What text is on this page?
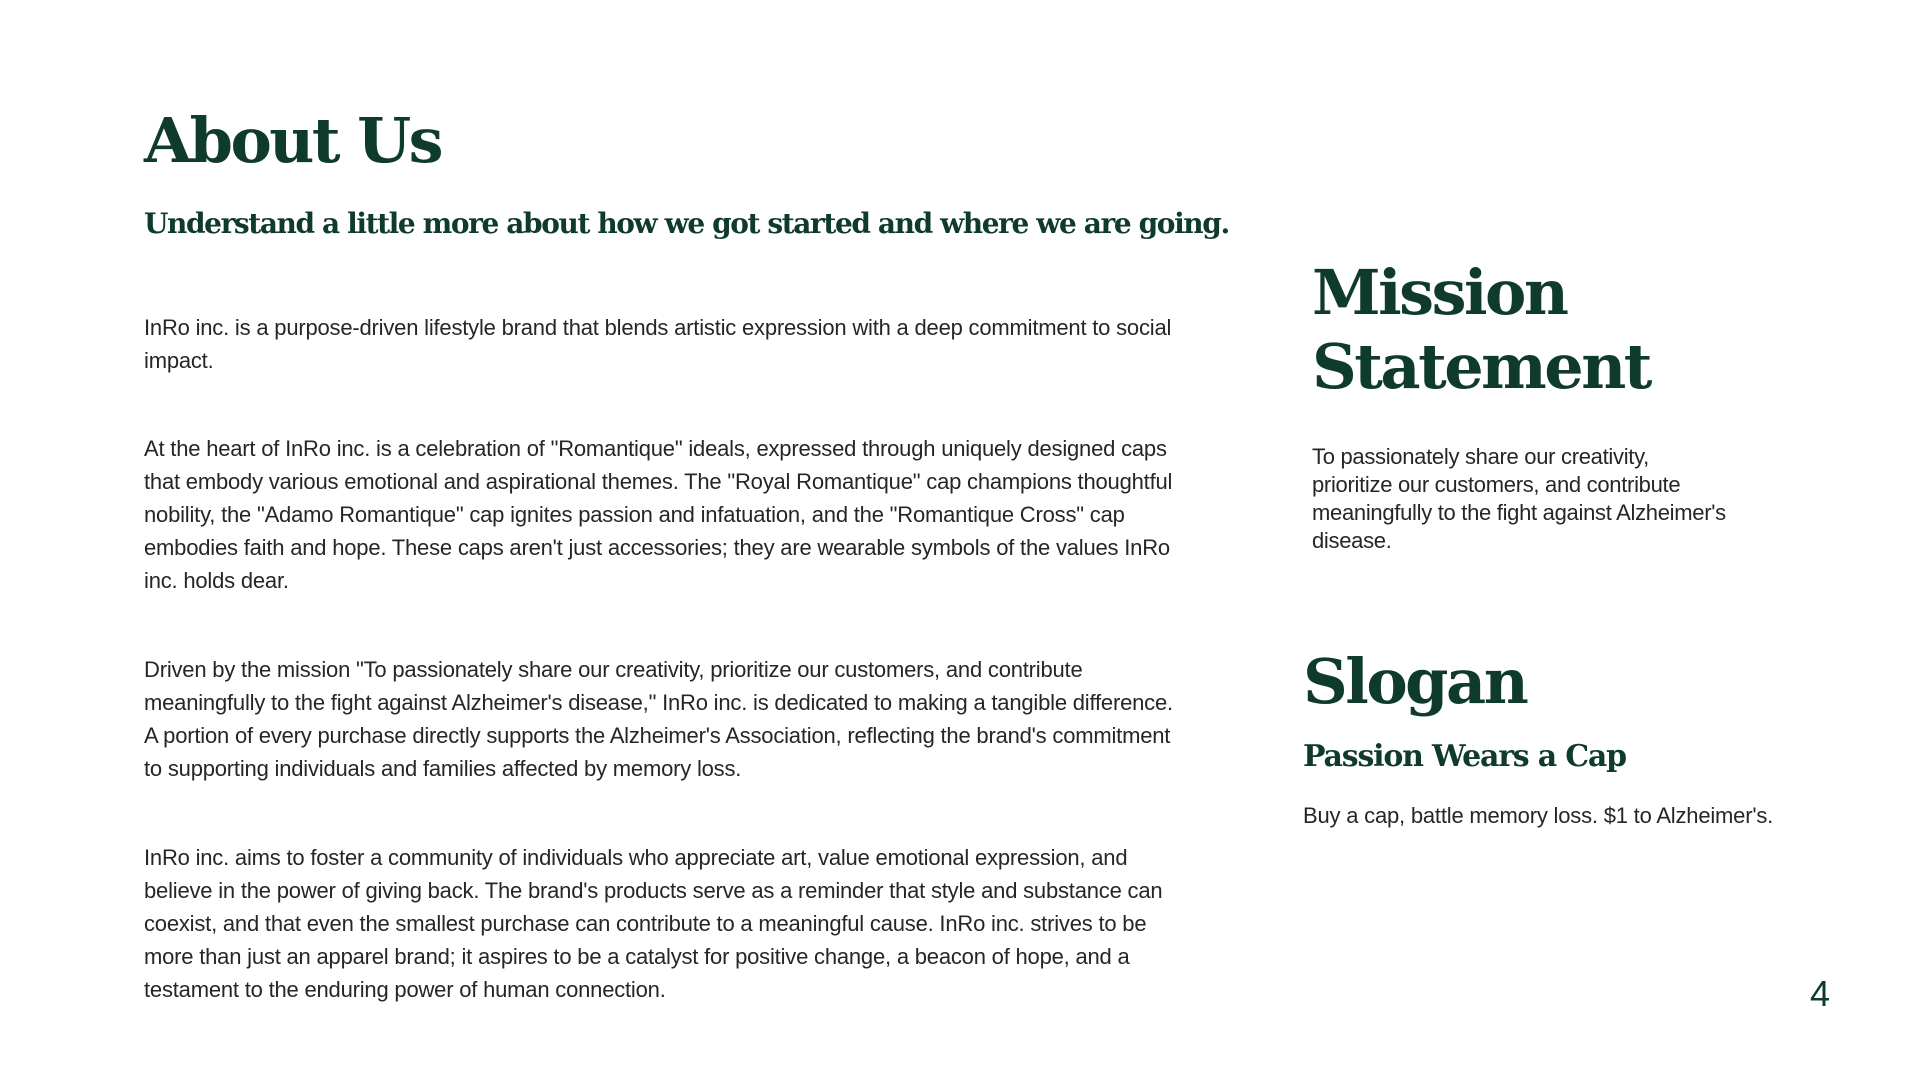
About Us
Understand a little more about how we got started and where we are going.

InRo inc. is a purpose-driven lifestyle brand that blends artistic expression with a deep commitment to social impact.

At the heart of InRo inc. is a celebration of "Romantique" ideals, expressed through uniquely designed caps that embody various emotional and aspirational themes. The "Royal Romantique" cap champions thoughtful nobility, the "Adamo Romantique" cap ignites passion and infatuation, and the "Romantique Cross" cap embodies faith and hope. These caps aren't just accessories; they are wearable symbols of the values InRo inc. holds dear.

Driven by the mission "To passionately share our creativity, prioritize our customers, and contribute meaningfully to the fight against Alzheimer's disease," InRo inc. is dedicated to making a tangible difference. A portion of every purchase directly supports the Alzheimer's Association, reflecting the brand's commitment to supporting individuals and families affected by memory loss.

InRo inc. aims to foster a community of individuals who appreciate art, value emotional expression, and believe in the power of giving back. The brand's products serve as a reminder that style and substance can coexist, and that even the smallest purchase can contribute to a meaningful cause. InRo inc. strives to be more than just an apparel brand; it aspires to be a catalyst for positive change, a beacon of hope, and a testament to the enduring power of human connection.

Mission Statement

To passionately share our creativity, prioritize our customers, and contribute meaningfully to the fight against Alzheimer's disease.

Slogan
Passion Wears a Cap

Buy a cap, battle memory loss. $1 to Alzheimer's.

4
